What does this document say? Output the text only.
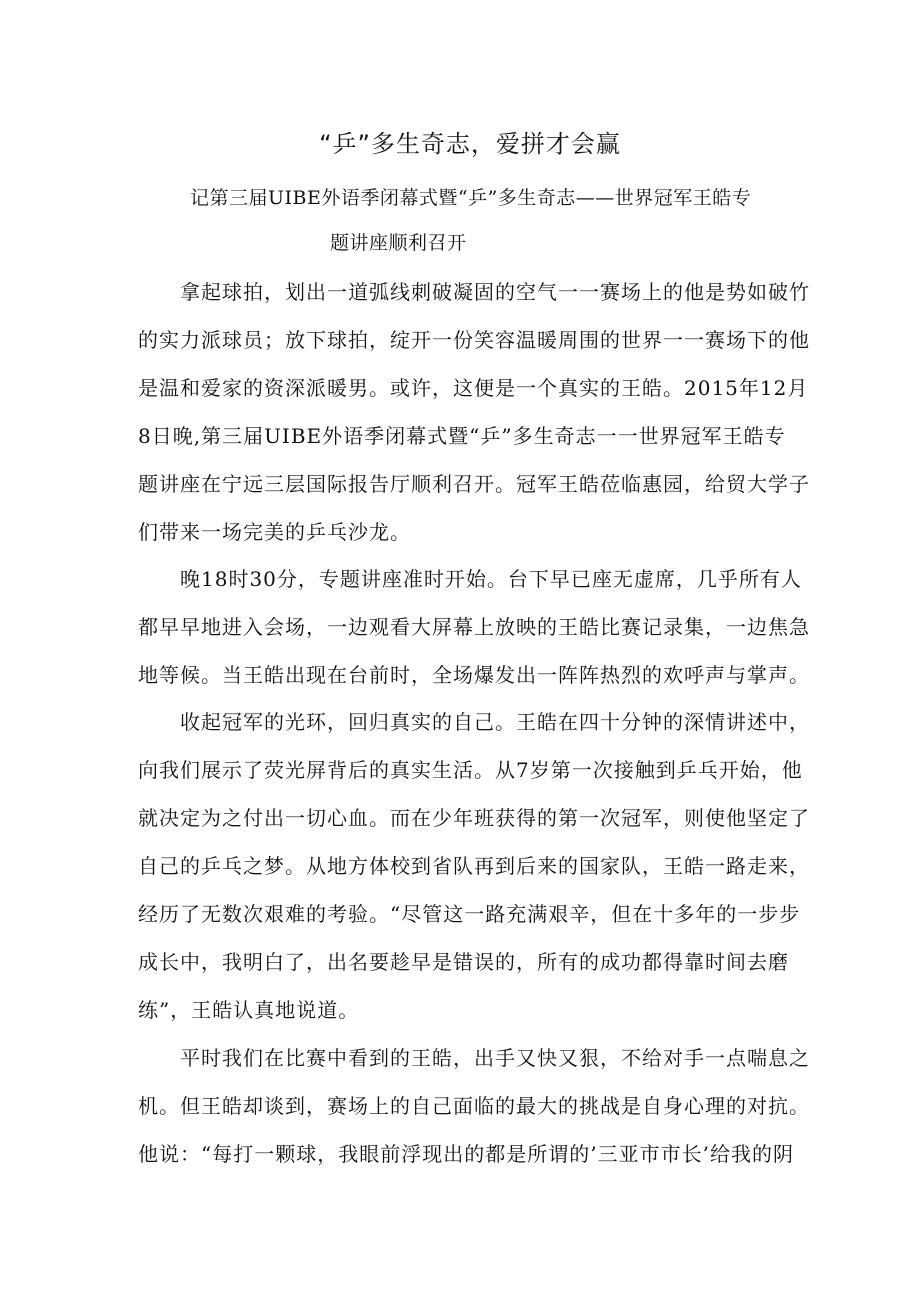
“乒”多生奇志，爱拼才会赢
记第三届UIBE外语季闭幕式暨“乒”多生奇志——世界冠军王皓专
题讲座顺利召开
　　拿起球拍，划出一道弧线刺破凝固的空气一一赛场上的他是势如破竹
的实力派球员；放下球拍，绽开一份笑容温暖周围的世界一一赛场下的他
是温和爱家的资深派暖男。或许，这便是一个真实的王皓。2015年12月
8日晚,第三届UIBE外语季闭幕式暨“乒”多生奇志一一世界冠军王皓专
题讲座在宁远三层国际报告厅顺利召开。冠军王皓莅临惠园，给贸大学子
们带来一场完美的乒乓沙龙。
　　晚18时30分，专题讲座准时开始。台下早已座无虚席，几乎所有人
都早早地进入会场，一边观看大屏幕上放映的王皓比赛记录集，一边焦急
地等候。当王皓出现在台前时，全场爆发出一阵阵热烈的欢呼声与掌声。
　　收起冠军的光环，回归真实的自己。王皓在四十分钟的深情讲述中，
向我们展示了荧光屏背后的真实生活。从7岁第一次接触到乒乓开始，他
就决定为之付出一切心血。而在少年班获得的第一次冠军，则使他坚定了
自己的乒乓之梦。从地方体校到省队再到后来的国家队，王皓一路走来，
经历了无数次艰难的考验。“尽管这一路充满艰辛，但在十多年的一步步
成长中，我明白了，出名要趁早是错误的，所有的成功都得靠时间去磨
练”，王皓认真地说道。
　　平时我们在比赛中看到的王皓，出手又快又狠，不给对手一点喘息之
机。但王皓却谈到，赛场上的自己面临的最大的挑战是自身心理的对抗。
他说：“每打一颗球，我眼前浮现出的都是所谓的’三亚市市长’给我的阴
